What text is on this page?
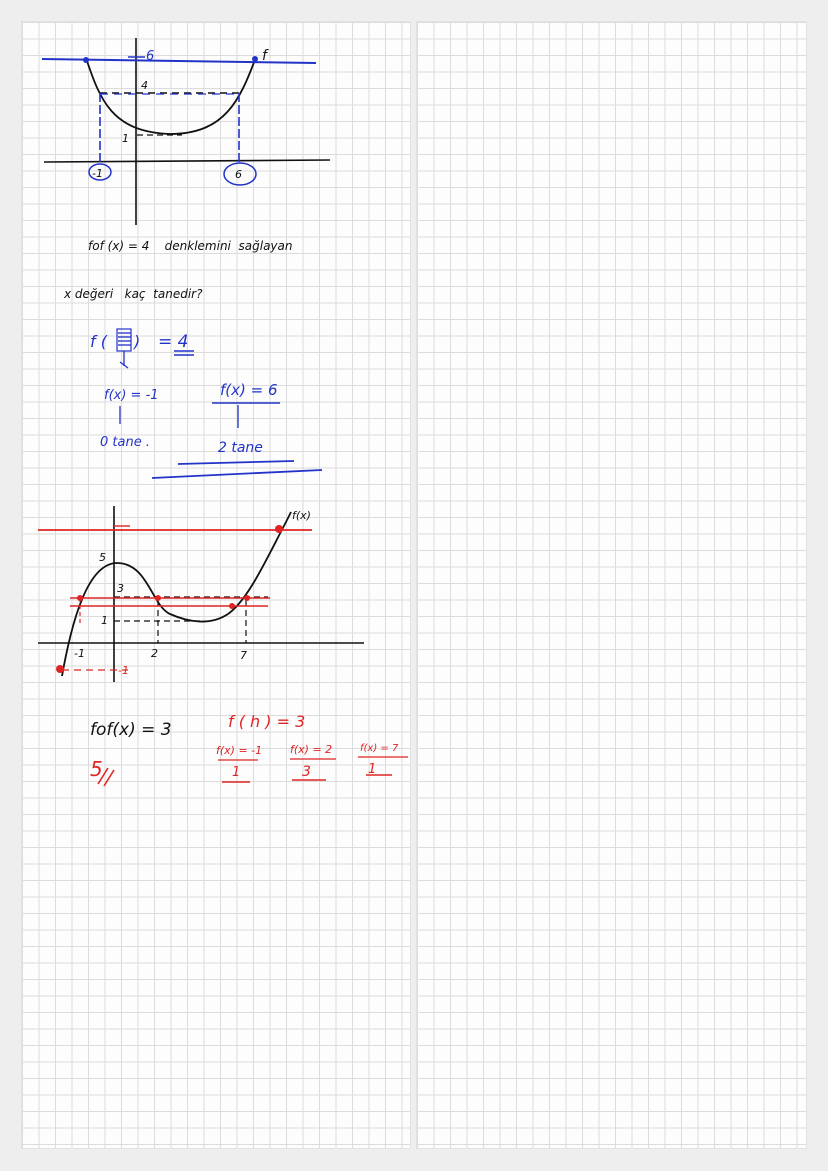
6	f
4
1
-1	6
fof (x) = 4    denklemini  sağlayan
x değeri   kaç  tanedir?
f ( ) = 4
f(x) = -1
0 tane .
f(x) = 6
2 tane
f(x)
5
3
1
-1	2	7
-1
fof(x) = 3
5
f ( h ) = 3
f(x) = -1
1
f(x) = 2
3
f(x) = 7
1
